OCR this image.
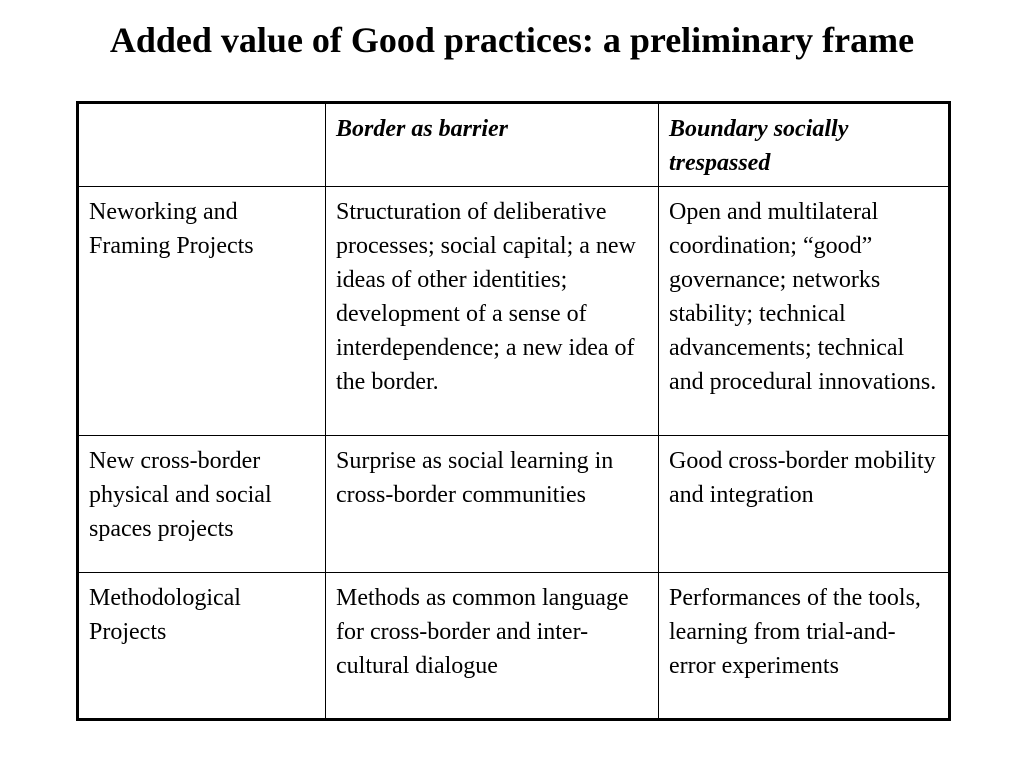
Added value of Good practices: a preliminary frame
	Border as barrier	Boundary socially trespassed
Neworking and Framing Projects	Structuration of deliberative processes; social capital; a new ideas of other identities; development of a sense of interdependence; a new idea of the border.	Open and multilateral coordination; “good” governance; networks stability; technical advancements; technical and procedural innovations.
New cross-border physical and social spaces projects	Surprise as social learning in cross-border communities	Good cross-border mobility and integration
Methodological Projects	Methods as common language for cross-border and inter-cultural dialogue	Performances of the tools, learning from trial-and-error experiments
